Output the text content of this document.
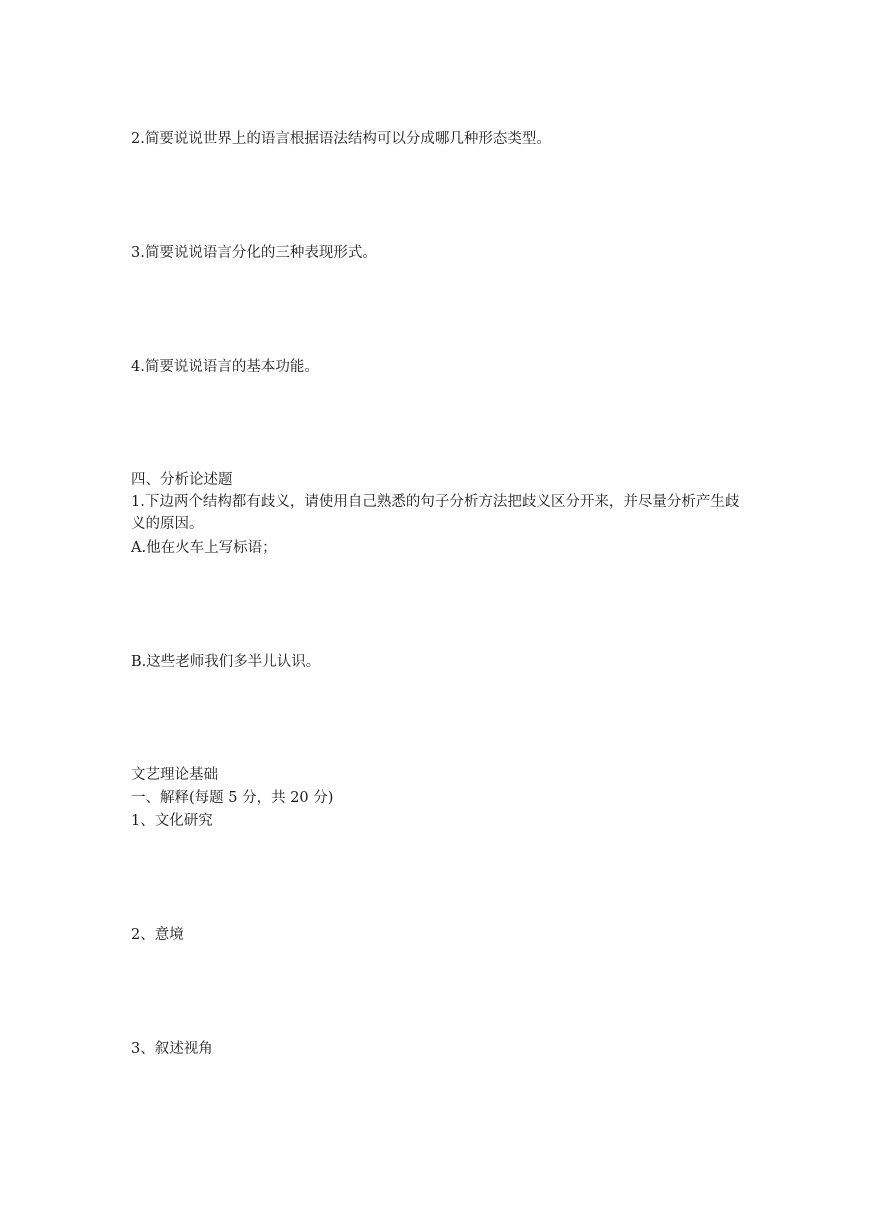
2.简要说说世界上的语言根据语法结构可以分成哪几种形态类型。

3.简要说说语言分化的三种表现形式。

4.简要说说语言的基本功能。

四、分析论述题

1.下边两个结构都有歧义，请使用自己熟悉的句子分析方法把歧义区分开来，并尽量分析产生歧义的原因。

A.他在火车上写标语；

B.这些老师我们多半儿认识。

文艺理论基础

一、解释(每题 5 分，共 20 分)

1、文化研究

2、意境

3、叙述视角
